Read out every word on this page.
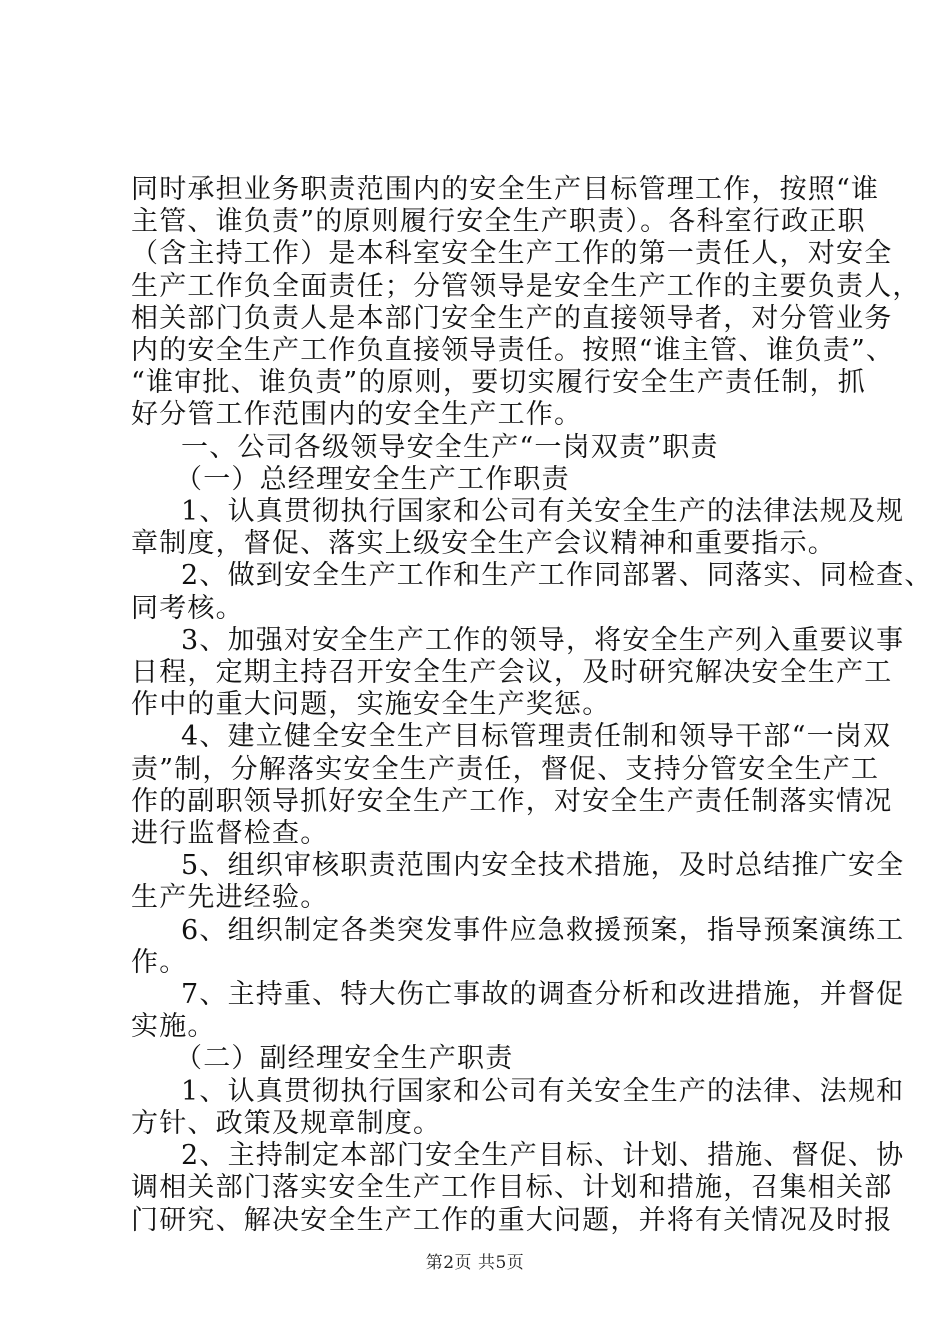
同时承担业务职责范围内的安全生产目标管理工作，按照“谁
主管、谁负责”的原则履行安全生产职责）。各科室行政正职
（含主持工作）是本科室安全生产工作的第一责任人，对安全
生产工作负全面责任；分管领导是安全生产工作的主要负责人，
相关部门负责人是本部门安全生产的直接领导者，对分管业务
内的安全生产工作负直接领导责任。按照“谁主管、谁负责”、
“谁审批、谁负责”的原则，要切实履行安全生产责任制，抓
好分管工作范围内的安全生产工作。
一、公司各级领导安全生产“一岗双责”职责
（一）总经理安全生产工作职责
1、认真贯彻执行国家和公司有关安全生产的法律法规及规
章制度，督促、落实上级安全生产会议精神和重要指示。
2、做到安全生产工作和生产工作同部署、同落实、同检查、
同考核。
3、加强对安全生产工作的领导，将安全生产列入重要议事
日程，定期主持召开安全生产会议，及时研究解决安全生产工
作中的重大问题，实施安全生产奖惩。
4、建立健全安全生产目标管理责任制和领导干部“一岗双
责”制，分解落实安全生产责任，督促、支持分管安全生产工
作的副职领导抓好安全生产工作，对安全生产责任制落实情况
进行监督检查。
5、组织审核职责范围内安全技术措施，及时总结推广安全
生产先进经验。
6、组织制定各类突发事件应急救援预案，指导预案演练工
作。
7、主持重、特大伤亡事故的调查分析和改进措施，并督促
实施。
（二）副经理安全生产职责
1、认真贯彻执行国家和公司有关安全生产的法律、法规和
方针、政策及规章制度。
2、主持制定本部门安全生产目标、计划、措施、督促、协
调相关部门落实安全生产工作目标、计划和措施，召集相关部
门研究、解决安全生产工作的重大问题，并将有关情况及时报
第2页 共5页
